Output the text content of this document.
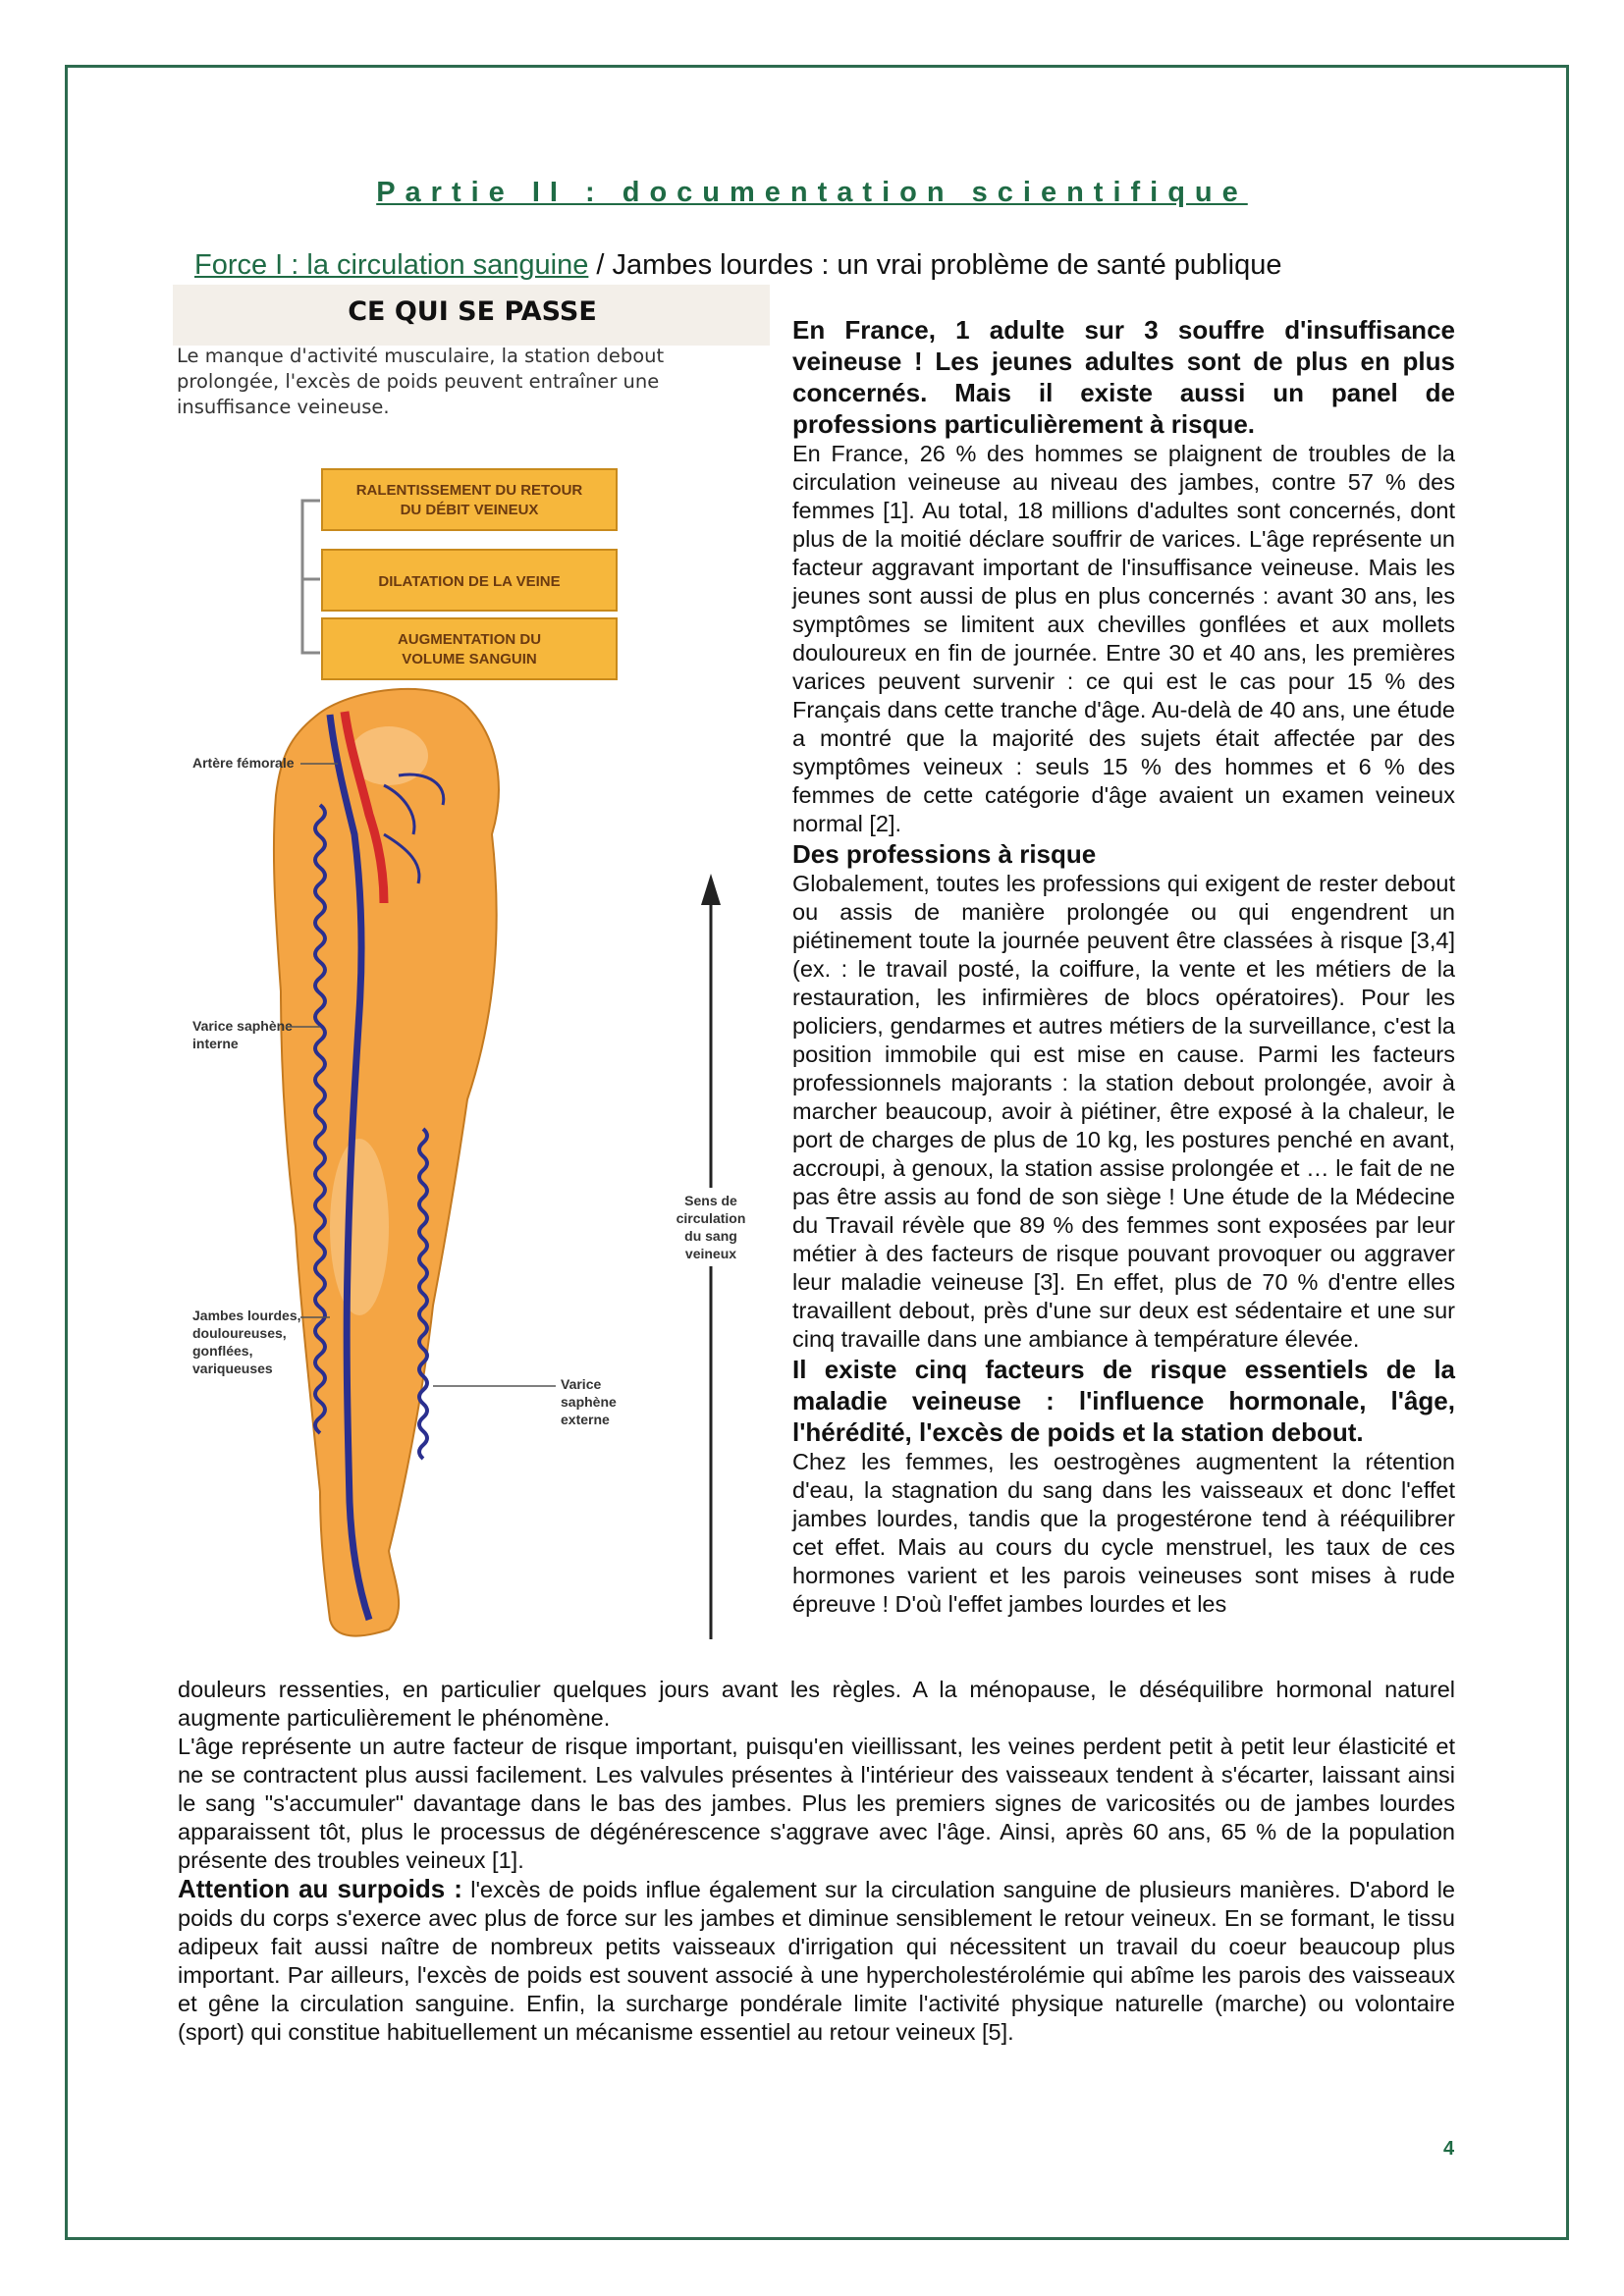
Partie II : documentation scientifique
Force I : la circulation sanguine / Jambes lourdes : un vrai problème de santé publique
CE QUI SE PASSE
Le manque d'activité musculaire, la station debout prolongée, l'excès de poids peuvent entraîner une insuffisance veineuse.
RALENTISSEMENT DU RETOUR
DU DÉBIT VEINEUX
DILATATION DE LA VEINE
AUGMENTATION DU
VOLUME SANGUIN
Artère fémorale
Varice saphène
interne
Sens de
circulation
du sang
veineux
Jambes lourdes,
douloureuses,
gonflées,
variqueuses
Varice
saphène
externe

En France, 1 adulte sur 3 souffre d'insuffisance veineuse ! Les jeunes adultes sont de plus en plus concernés. Mais il existe aussi un panel de professions particulièrement à risque.

En France, 26 % des hommes se plaignent de troubles de la circulation veineuse au niveau des jambes, contre 57 % des femmes [1]. Au total, 18 millions d'adultes sont concernés, dont plus de la moitié déclare souffrir de varices. L'âge représente un facteur aggravant important de l'insuffisance veineuse. Mais les jeunes sont aussi de plus en plus concernés : avant 30 ans, les symptômes se limitent aux chevilles gonflées et aux mollets douloureux en fin de journée. Entre 30 et 40 ans, les premières varices peuvent survenir : ce qui est le cas pour 15 % des Français dans cette tranche d'âge. Au-delà de 40 ans, une étude a montré que la majorité des sujets était affectée par des symptômes veineux : seuls 15 % des hommes et 6 % des femmes de cette catégorie d'âge avaient un examen veineux normal [2].

Des professions à risque

Globalement, toutes les professions qui exigent de rester debout ou assis de manière prolongée ou qui engendrent un piétinement toute la journée peuvent être classées à risque [3,4] (ex. : le travail posté, la coiffure, la vente et les métiers de la restauration, les infirmières de blocs opératoires). Pour les policiers, gendarmes et autres métiers de la surveillance, c'est la position immobile qui est mise en cause. Parmi les facteurs professionnels majorants : la station debout prolongée, avoir à marcher beaucoup, avoir à piétiner, être exposé à la chaleur, le port de charges de plus de 10 kg, les postures penché en avant, accroupi, à genoux, la station assise prolongée et … le fait de ne pas être assis au fond de son siège ! Une étude de la Médecine du Travail révèle que 89 % des femmes sont exposées par leur métier à des facteurs de risque pouvant provoquer ou aggraver leur maladie veineuse [3]. En effet, plus de 70 % d'entre elles travaillent debout, près d'une sur deux est sédentaire et une sur cinq travaille dans une ambiance à température élevée.

Il existe cinq facteurs de risque essentiels de la maladie veineuse : l'influence hormonale, l'âge, l'hérédité, l'excès de poids et la station debout.

Chez les femmes, les oestrogènes augmentent la rétention d'eau, la stagnation du sang dans les vaisseaux et donc l'effet jambes lourdes, tandis que la progestérone tend à rééquilibrer cet effet. Mais au cours du cycle menstruel, les taux de ces hormones varient et les parois veineuses sont mises à rude épreuve ! D'où l'effet jambes lourdes et les

douleurs ressenties, en particulier quelques jours avant les règles. A la ménopause, le déséquilibre hormonal naturel augmente particulièrement le phénomène.

L'âge représente un autre facteur de risque important, puisqu'en vieillissant, les veines perdent petit à petit leur élasticité et ne se contractent plus aussi facilement. Les valvules présentes à l'intérieur des vaisseaux tendent à s'écarter, laissant ainsi le sang "s'accumuler" davantage dans le bas des jambes. Plus les premiers signes de varicosités ou de jambes lourdes apparaissent tôt, plus le processus de dégénérescence s'aggrave avec l'âge. Ainsi, après 60 ans, 65 % de la population présente des troubles veineux [1].

Attention au surpoids : l'excès de poids influe également sur la circulation sanguine de plusieurs manières. D'abord le poids du corps s'exerce avec plus de force sur les jambes et diminue sensiblement le retour veineux. En se formant, le tissu adipeux fait aussi naître de nombreux petits vaisseaux d'irrigation qui nécessitent un travail du coeur beaucoup plus important. Par ailleurs, l'excès de poids est souvent associé à une hypercholestérolémie qui abîme les parois des vaisseaux et gêne la circulation sanguine. Enfin, la surcharge pondérale limite l'activité physique naturelle (marche) ou volontaire (sport) qui constitue habituellement un mécanisme essentiel au retour veineux [5].

4
